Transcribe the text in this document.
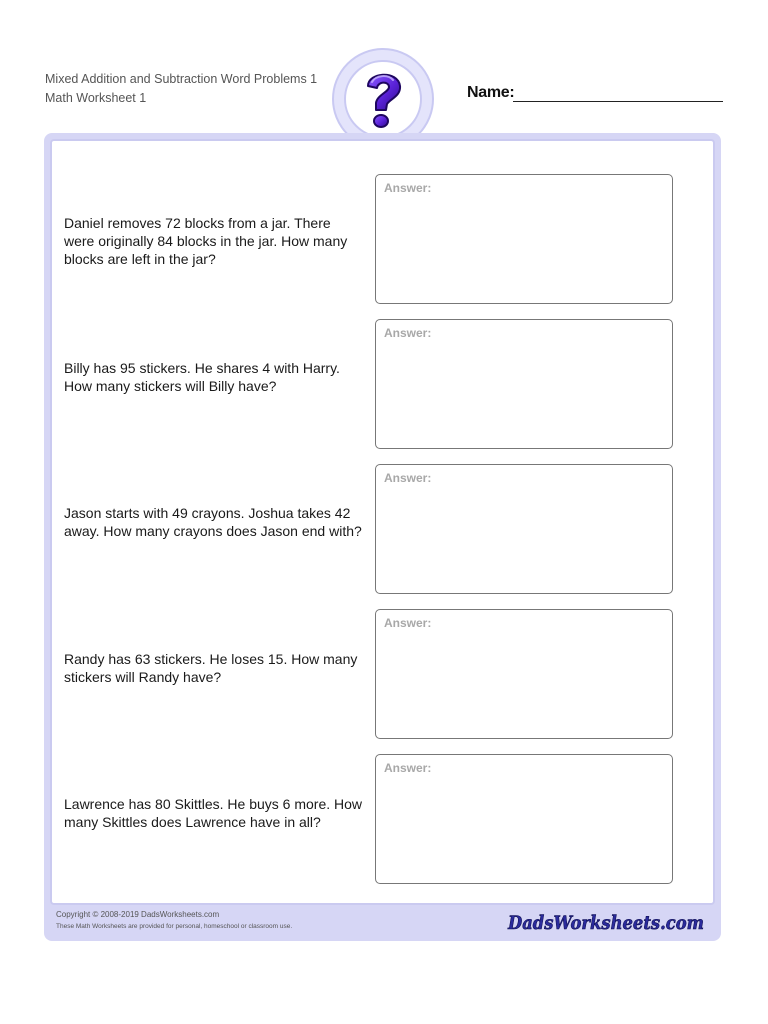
Mixed Addition and Subtraction Word Problems 1
Math Worksheet 1	Name:
Daniel removes 72 blocks from a jar. There were originally 84 blocks in the jar. How many blocks are left in the jar?
Answer:
Billy has 95 stickers. He shares 4 with Harry. How many stickers will Billy have?
Answer:
Jason starts with 49 crayons. Joshua takes 42 away. How many crayons does Jason end with?
Answer:
Randy has 63 stickers. He loses 15. How many stickers will Randy have?
Answer:
Lawrence has 80 Skittles. He buys 6 more. How many Skittles does Lawrence have in all?
Answer:
Copyright © 2008-2019 DadsWorksheets.com
These Math Worksheets are provided for personal, homeschool or classroom use.	DadsWorksheets.com
